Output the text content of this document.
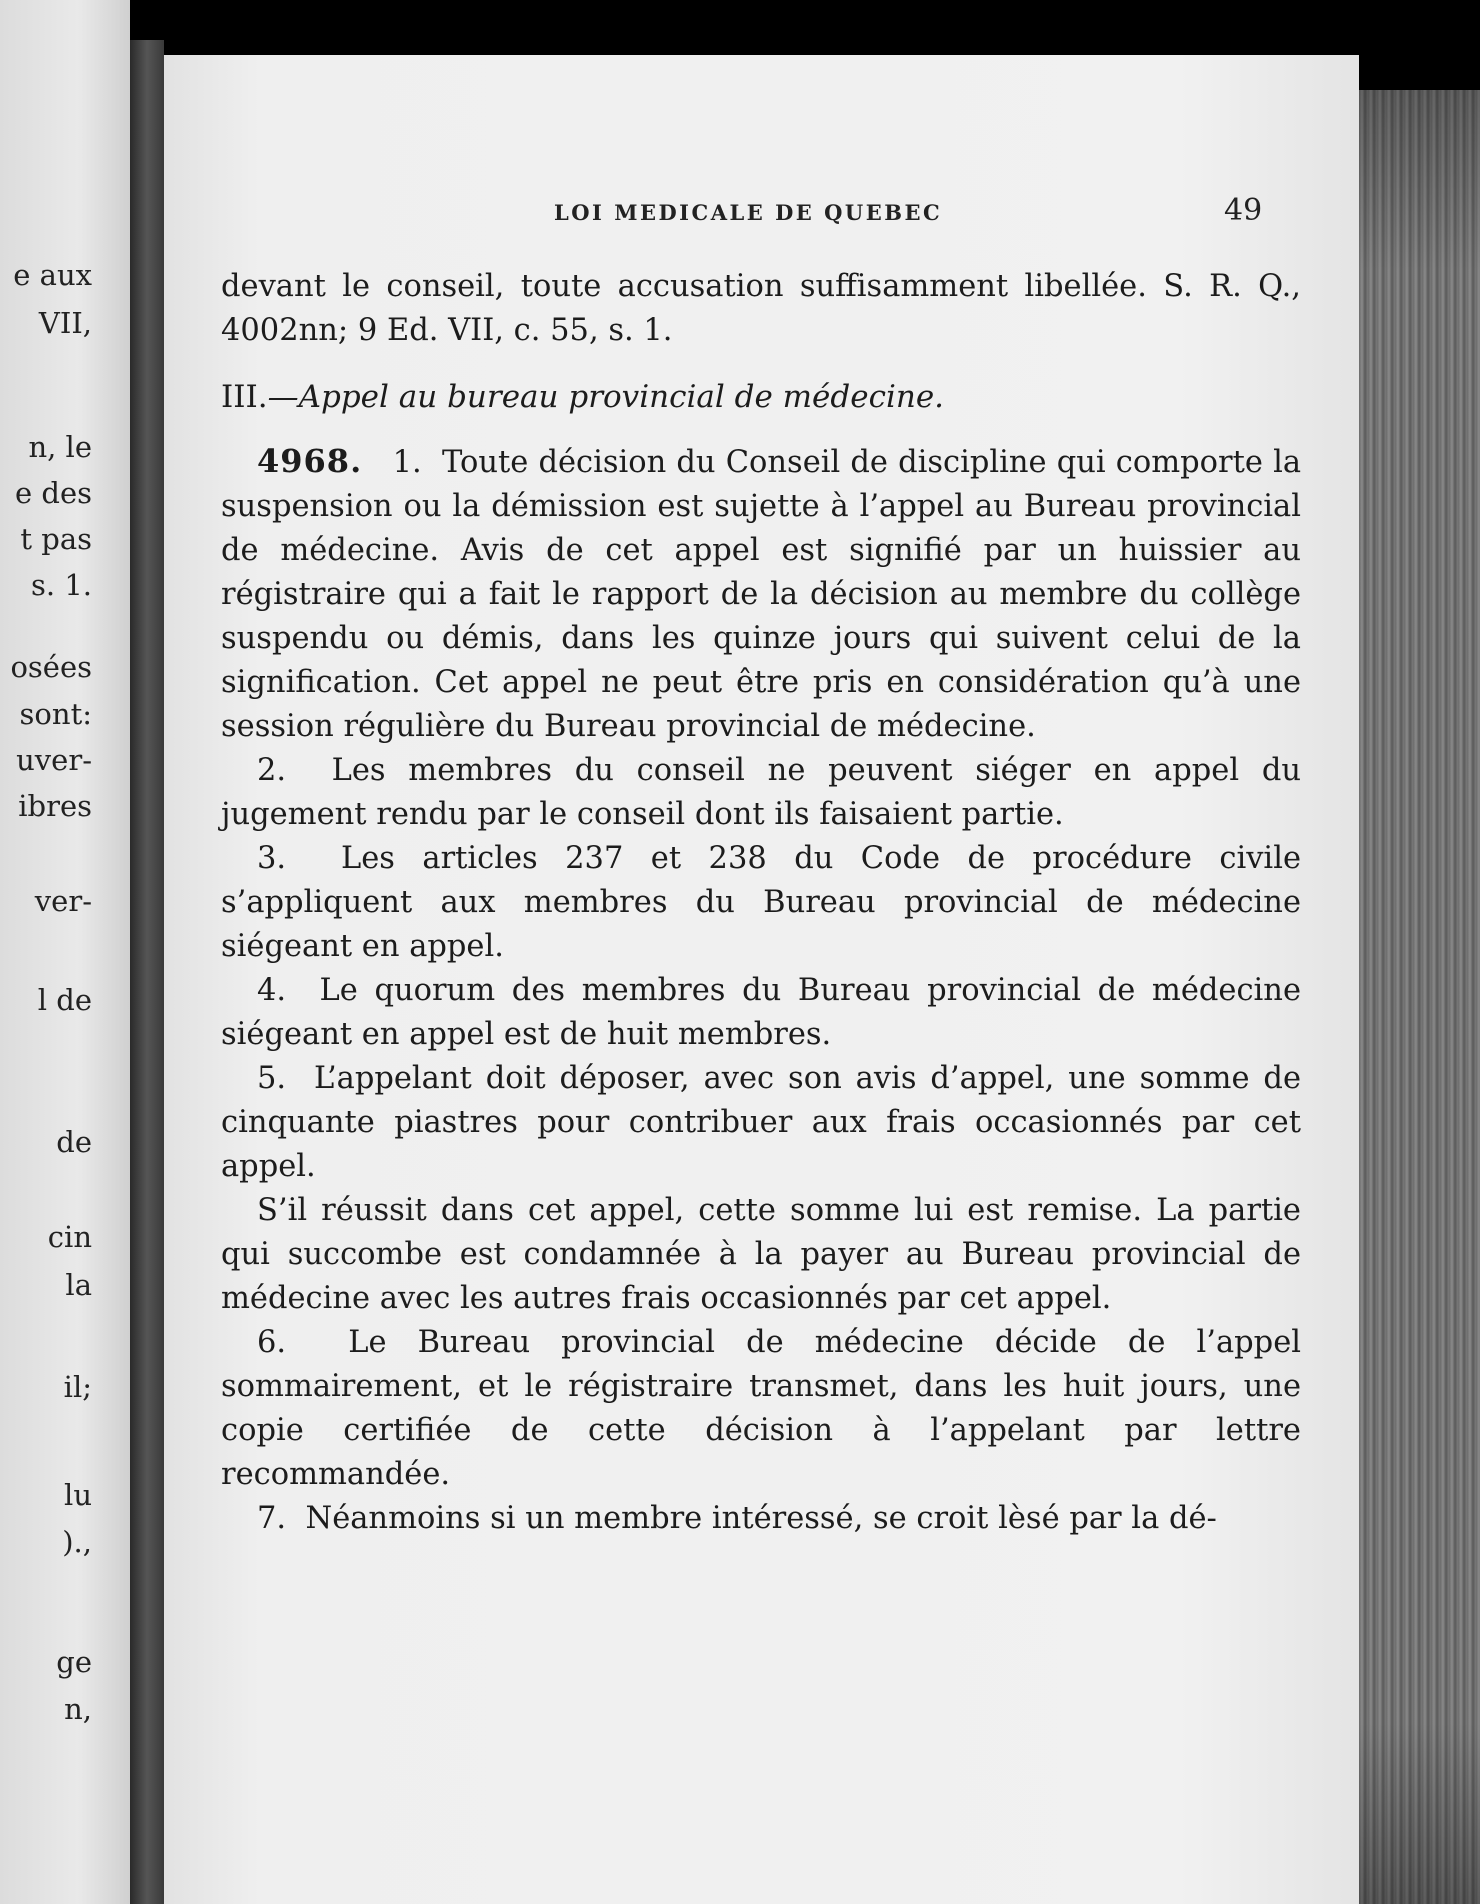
e aux
VII,
n, le
e des
t pas
s. 1.
osées
sont:
uver-
ibres
ver-
l de
de
cin
la
il;
lu
).,
ge
n,
LOI MEDICALE DE QUEBEC	49

devant le conseil, toute accusation suffisamment libellée. S. R. Q., 4002nn; 9 Ed. VII, c. 55, s. 1.

III.—Appel au bureau provincial de médecine.

4968. 1. Toute décision du Conseil de discipline qui comporte la suspension ou la démission est sujette à l’appel au Bureau provincial de médecine. Avis de cet appel est signifié par un huissier au régistraire qui a fait le rapport de la décision au membre du collège suspendu ou démis, dans les quinze jours qui suivent celui de la signification. Cet appel ne peut être pris en considération qu’à une session régulière du Bureau provincial de médecine.

2. Les membres du conseil ne peuvent siéger en appel du jugement rendu par le conseil dont ils faisaient partie.

3. Les articles 237 et 238 du Code de procédure civile s’appliquent aux membres du Bureau provincial de médecine siégeant en appel.

4. Le quorum des membres du Bureau provincial de médecine siégeant en appel est de huit membres.

5. L’appelant doit déposer, avec son avis d’appel, une somme de cinquante piastres pour contribuer aux frais occasionnés par cet appel.

S’il réussit dans cet appel, cette somme lui est remise. La partie qui succombe est condamnée à la payer au Bureau provincial de médecine avec les autres frais occasionnés par cet appel.

6. Le Bureau provincial de médecine décide de l’appel sommairement, et le régistraire transmet, dans les huit jours, une copie certifiée de cette décision à l’appelant par lettre recommandée.

7. Néanmoins si un membre intéressé, se croit lèsé par la dé-
